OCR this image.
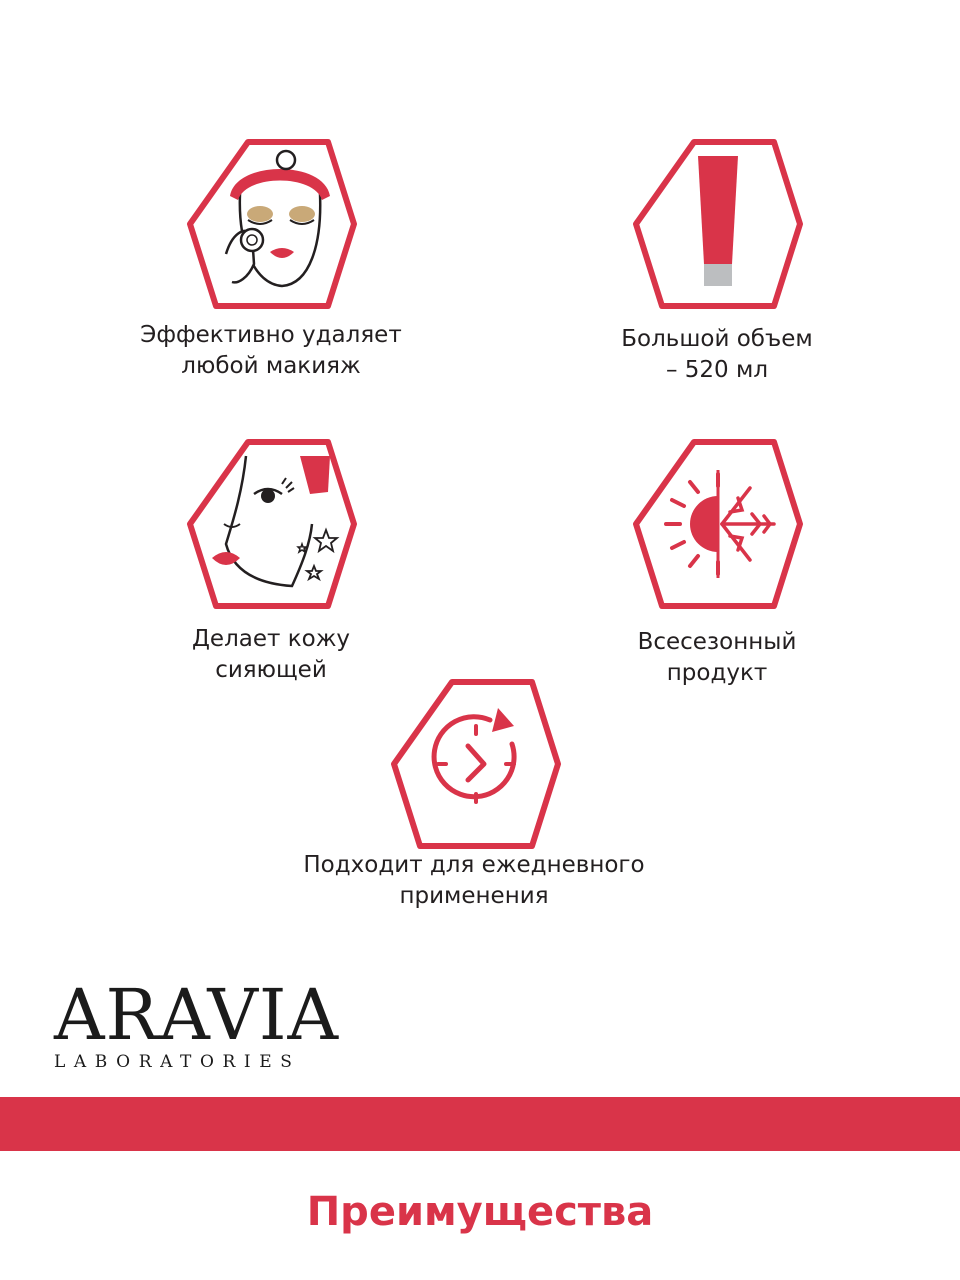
Эффективно удаляет
любой макияж
Большой объем
– 520 мл
Делает кожу
сияющей
Всесезонный
продукт
Подходит для ежедневного
применения
ARAVIA
LABORATORIES
Преимущества
